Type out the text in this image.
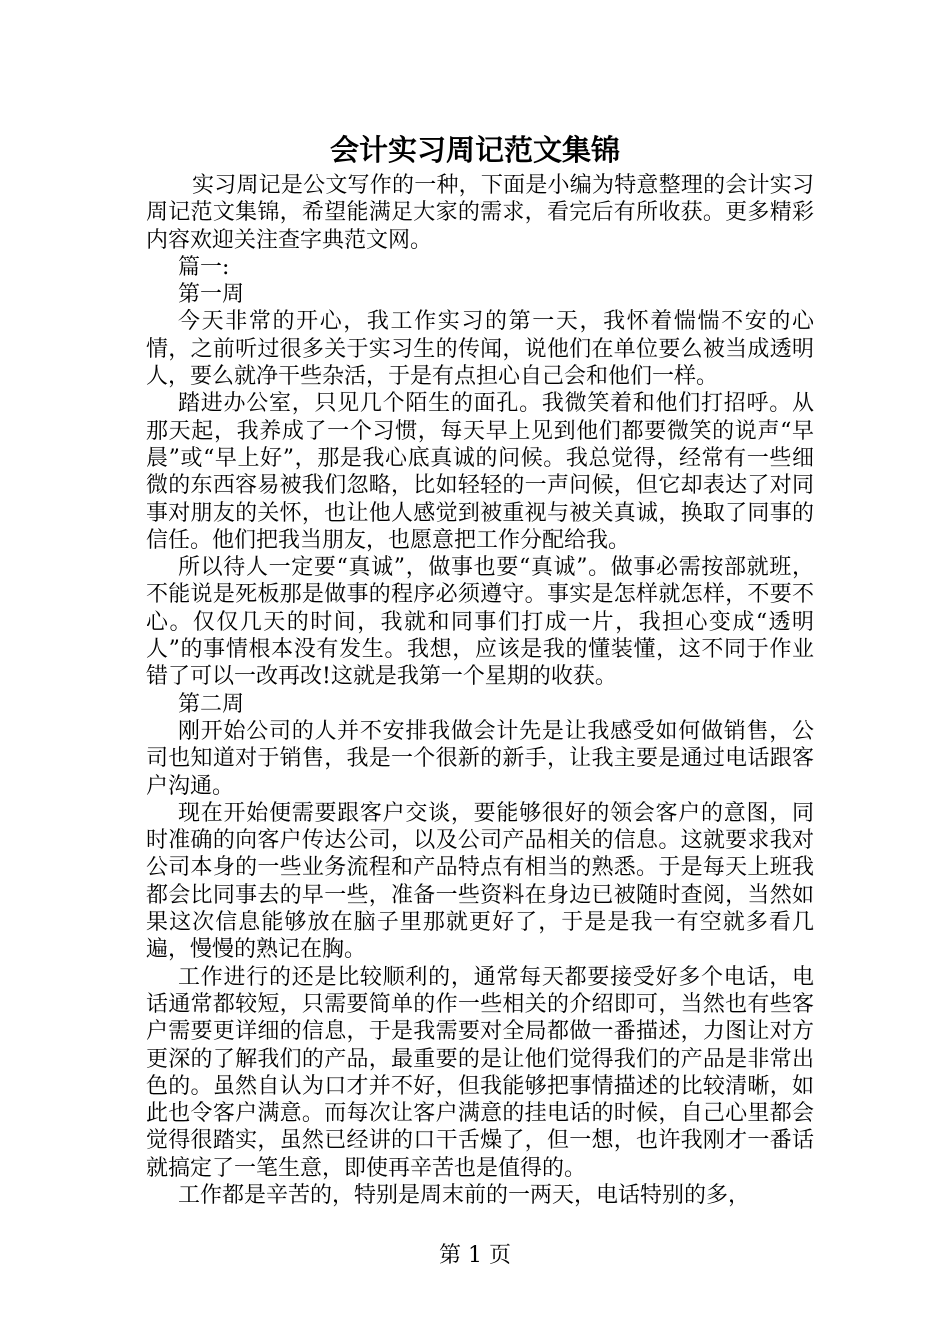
会计实习周记范文集锦

实习周记是公文写作的一种，下面是小编为特意整理的会计实习周记范文集锦，希望能满足大家的需求，看完后有所收获。更多精彩内容欢迎关注查字典范文网。

篇一:

第一周

今天非常的开心，我工作实习的第一天，我怀着惴惴不安的心情，之前听过很多关于实习生的传闻，说他们在单位要么被当成透明人，要么就净干些杂活，于是有点担心自己会和他们一样。

踏进办公室，只见几个陌生的面孔。我微笑着和他们打招呼。从那天起，我养成了一个习惯，每天早上见到他们都要微笑的说声“早晨”或“早上好”，那是我心底真诚的问候。我总觉得，经常有一些细微的东西容易被我们忽略，比如轻轻的一声问候，但它却表达了对同事对朋友的关怀，也让他人感觉到被重视与被关真诚，换取了同事的信任。他们把我当朋友，也愿意把工作分配给我。

所以待人一定要“真诚”，做事也要“真诚”。做事必需按部就班，不能说是死板那是做事的程序必须遵守。事实是怎样就怎样，不要不心。仅仅几天的时间，我就和同事们打成一片，我担心变成“透明人”的事情根本没有发生。我想，应该是我的懂装懂，这不同于作业错了可以一改再改!这就是我第一个星期的收获。

第二周

刚开始公司的人并不安排我做会计先是让我感受如何做销售，公司也知道对于销售，我是一个很新的新手，让我主要是通过电话跟客户沟通。

现在开始便需要跟客户交谈，要能够很好的领会客户的意图，同时准确的向客户传达公司，以及公司产品相关的信息。这就要求我对公司本身的一些业务流程和产品特点有相当的熟悉。于是每天上班我都会比同事去的早一些，准备一些资料在身边已被随时查阅，当然如果这次信息能够放在脑子里那就更好了，于是是我一有空就多看几遍，慢慢的熟记在胸。

工作进行的还是比较顺利的，通常每天都要接受好多个电话，电话通常都较短，只需要简单的作一些相关的介绍即可，当然也有些客户需要更详细的信息，于是我需要对全局都做一番描述，力图让对方更深的了解我们的产品，最重要的是让他们觉得我们的产品是非常出色的。虽然自认为口才并不好，但我能够把事情描述的比较清晰，如此也令客户满意。而每次让客户满意的挂电话的时候，自己心里都会觉得很踏实，虽然已经讲的口干舌燥了，但一想，也许我刚才一番话就搞定了一笔生意，即使再辛苦也是值得的。

工作都是辛苦的，特别是周末前的一两天，电话特别的多，

第 1 页
